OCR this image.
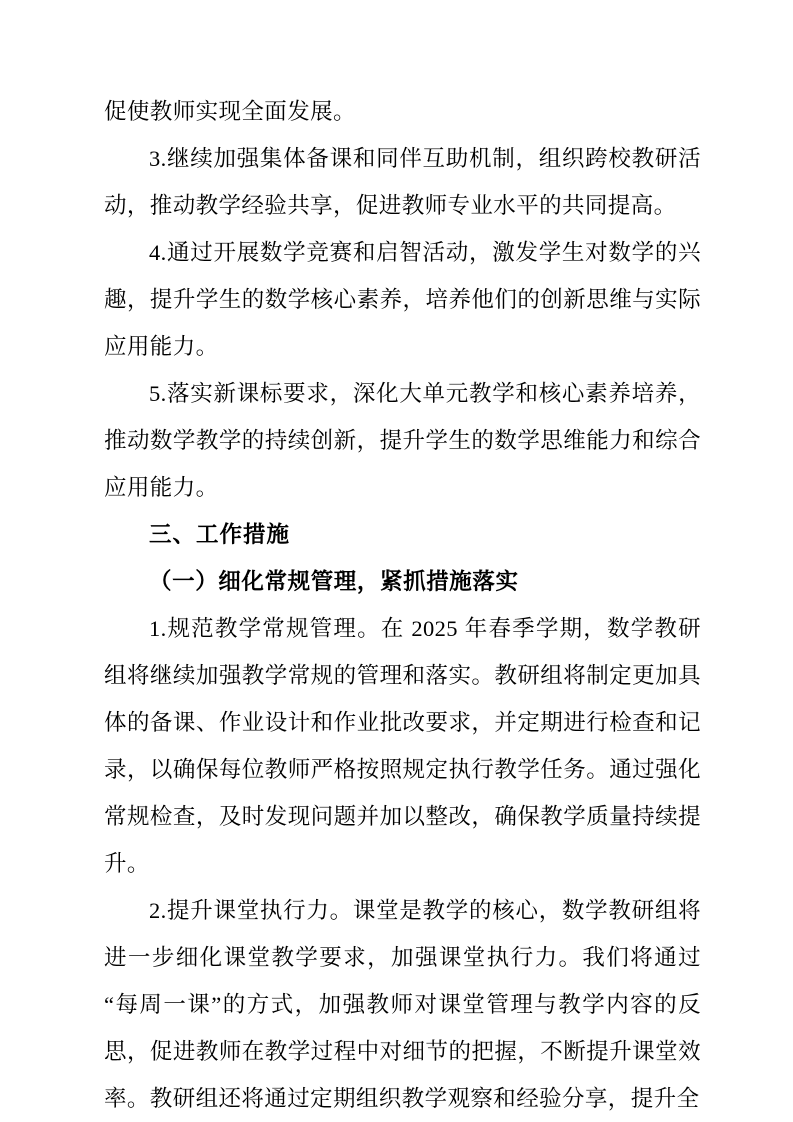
促使教师实现全面发展。

3.继续加强集体备课和同伴互助机制，组织跨校教研活动，推动教学经验共享，促进教师专业水平的共同提高。

4.通过开展数学竞赛和启智活动，激发学生对数学的兴趣，提升学生的数学核心素养，培养他们的创新思维与实际应用能力。

5.落实新课标要求，深化大单元教学和核心素养培养，推动数学教学的持续创新，提升学生的数学思维能力和综合应用能力。

三、工作措施

（一）细化常规管理，紧抓措施落实

1.规范教学常规管理。在 2025 年春季学期，数学教研组将继续加强教学常规的管理和落实。教研组将制定更加具体的备课、作业设计和作业批改要求，并定期进行检查和记录，以确保每位教师严格按照规定执行教学任务。通过强化常规检查，及时发现问题并加以整改，确保教学质量持续提升。

2.提升课堂执行力。课堂是教学的核心，数学教研组将进一步细化课堂教学要求，加强课堂执行力。我们将通过“每周一课”的方式，加强教师对课堂管理与教学内容的反思，促进教师在教学过程中对细节的把握，不断提升课堂效率。教研组还将通过定期组织教学观察和经验分享，提升全
